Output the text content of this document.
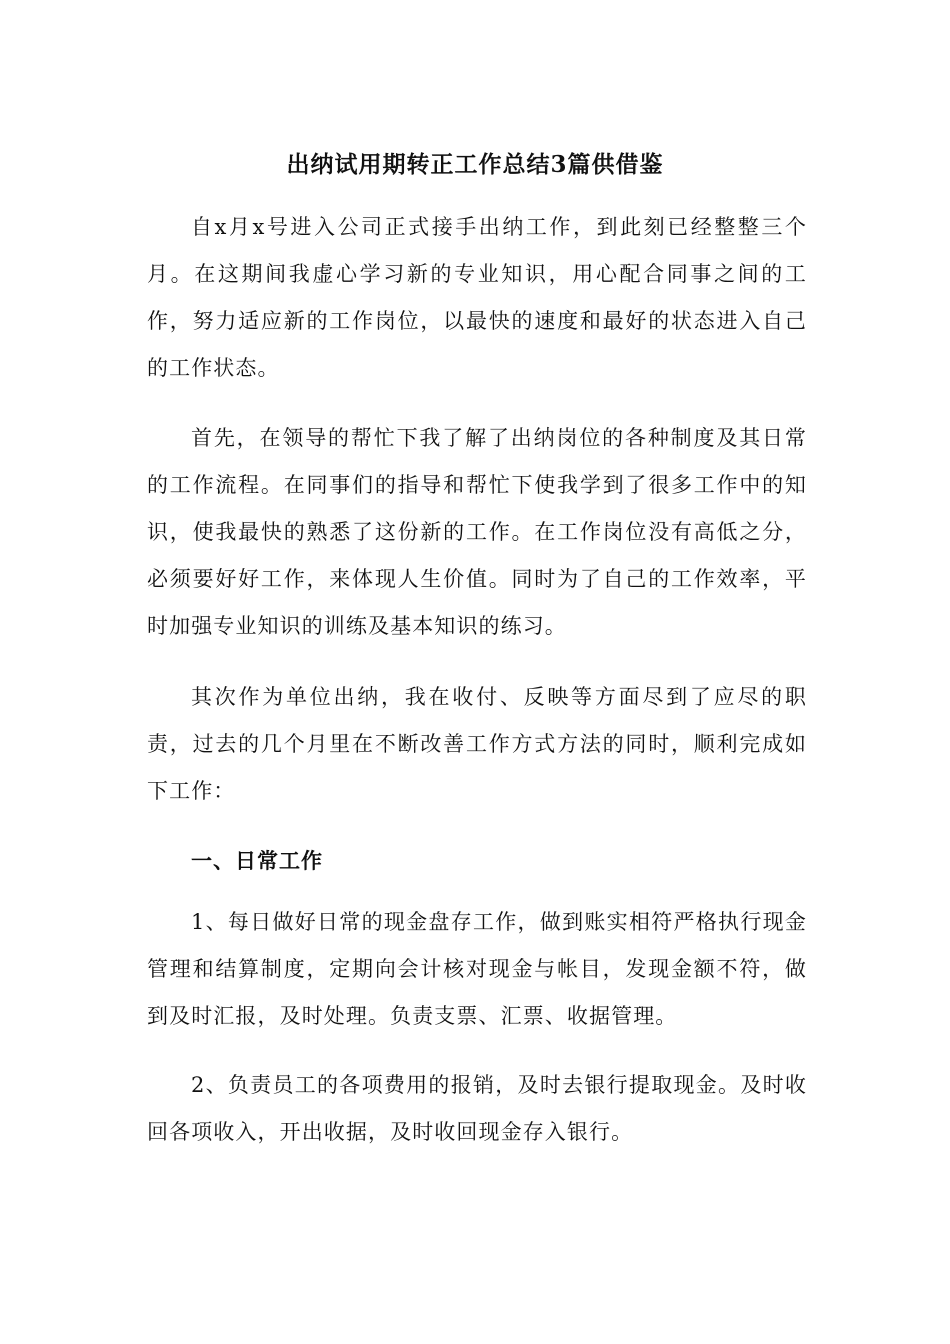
出纳试用期转正工作总结3篇供借鉴

自x月x号进入公司正式接手出纳工作，到此刻已经整整三个月。在这期间我虚心学习新的专业知识，用心配合同事之间的工作，努力适应新的工作岗位，以最快的速度和最好的状态进入自己的工作状态。

首先，在领导的帮忙下我了解了出纳岗位的各种制度及其日常的工作流程。在同事们的指导和帮忙下使我学到了很多工作中的知识，使我最快的熟悉了这份新的工作。在工作岗位没有高低之分，必须要好好工作，来体现人生价值。同时为了自己的工作效率，平时加强专业知识的训练及基本知识的练习。

其次作为单位出纳，我在收付、反映等方面尽到了应尽的职责，过去的几个月里在不断改善工作方式方法的同时，顺利完成如下工作：

一、日常工作

1、每日做好日常的现金盘存工作，做到账实相符严格执行现金管理和结算制度，定期向会计核对现金与帐目，发现金额不符，做到及时汇报，及时处理。负责支票、汇票、收据管理。

2、负责员工的各项费用的报销，及时去银行提取现金。及时收回各项收入，开出收据，及时收回现金存入银行。
